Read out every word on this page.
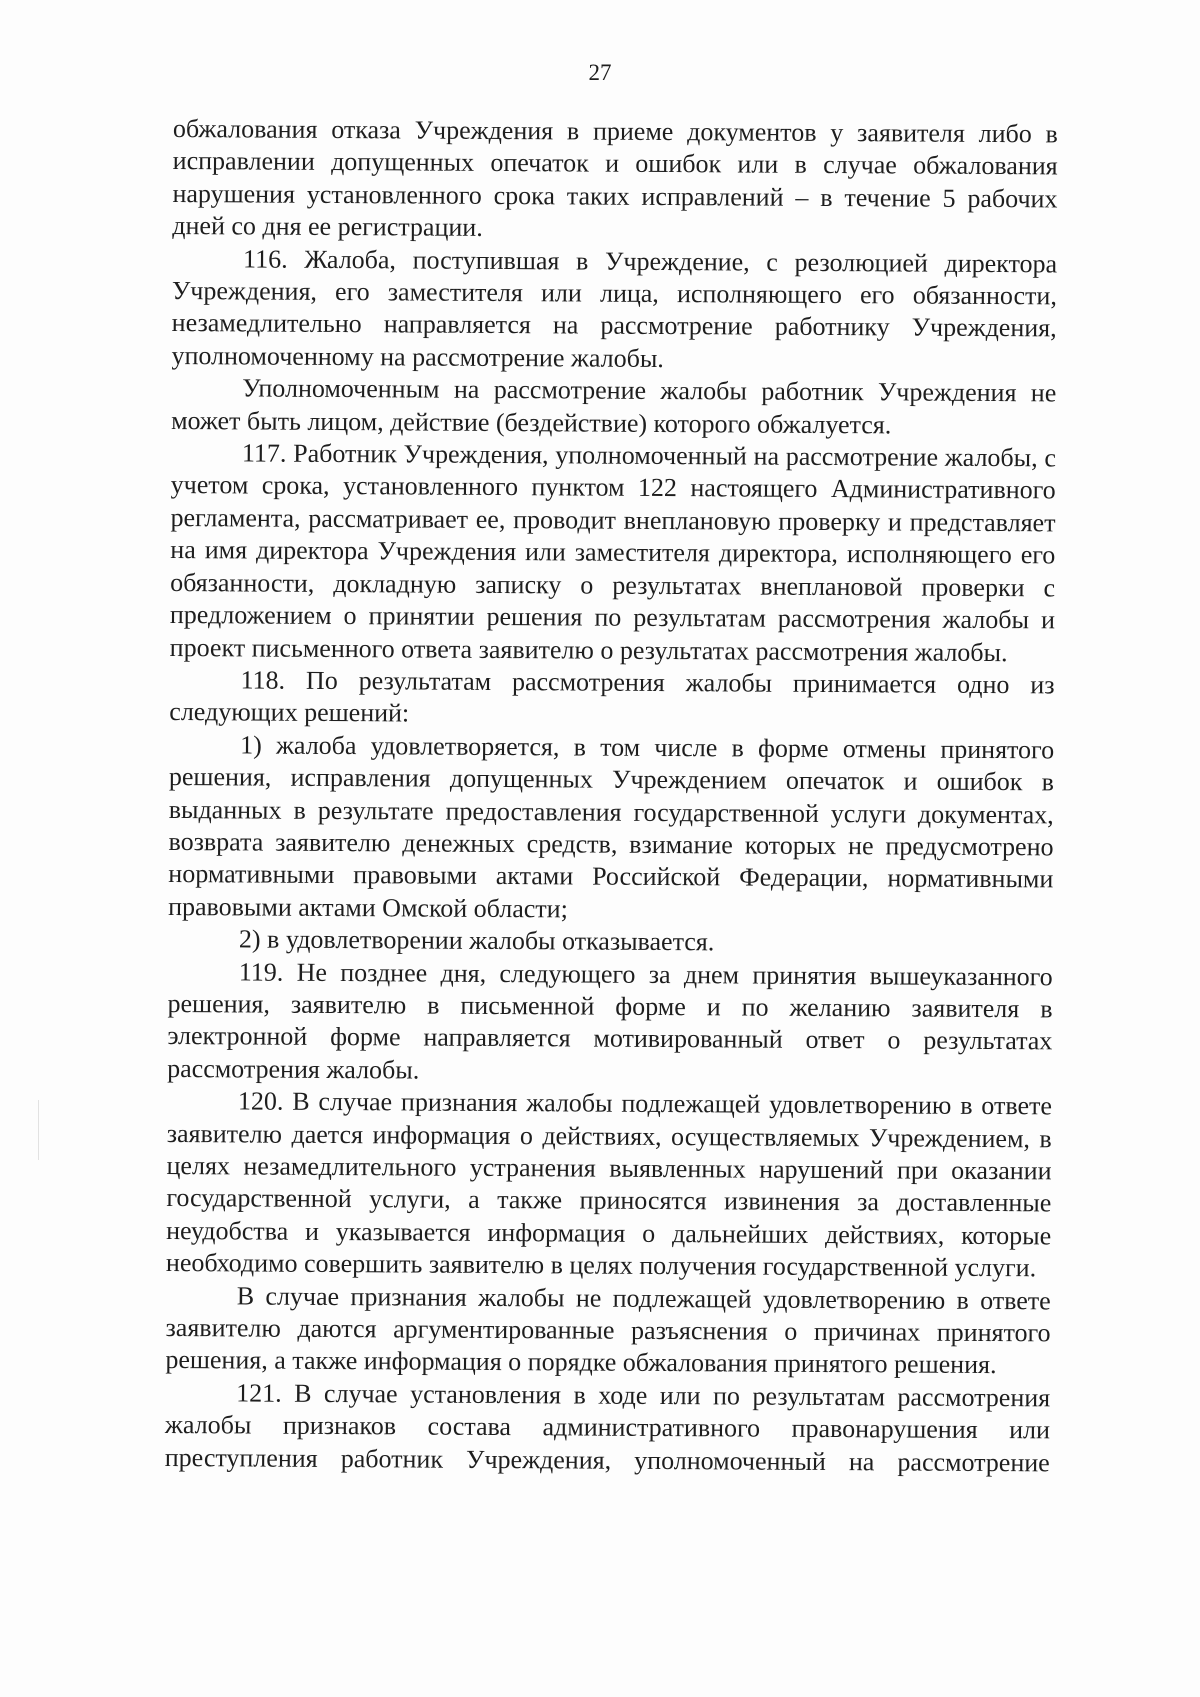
27

обжалования отказа Учреждения в приеме документов у заявителя либо в исправлении допущенных опечаток и ошибок или в случае обжалования нарушения установленного срока таких исправлений – в течение 5 рабочих дней со дня ее регистрации.

116. Жалоба, поступившая в Учреждение, с резолюцией директора Учреждения, его заместителя или лица, исполняющего его обязанности, незамедлительно направляется на рассмотрение работнику Учреждения, уполномоченному на рассмотрение жалобы.

Уполномоченным на рассмотрение жалобы работник Учреждения не может быть лицом, действие (бездействие) которого обжалуется.

117. Работник Учреждения, уполномоченный на рассмотрение жалобы, с учетом срока, установленного пунктом 122 настоящего Административного регламента, рассматривает ее, проводит внеплановую проверку и представляет на имя директора Учреждения или заместителя директора, исполняющего его обязанности, докладную записку о результатах внеплановой проверки с предложением о принятии решения по результатам рассмотрения жалобы и проект письменного ответа заявителю о результатах рассмотрения жалобы.

118. По результатам рассмотрения жалобы принимается одно из следующих решений:

1) жалоба удовлетворяется, в том числе в форме отмены принятого решения, исправления допущенных Учреждением опечаток и ошибок в выданных в результате предоставления государственной услуги документах, возврата заявителю денежных средств, взимание которых не предусмотрено нормативными правовыми актами Российской Федерации, нормативными правовыми актами Омской области;

2) в удовлетворении жалобы отказывается.

119. Не позднее дня, следующего за днем принятия вышеуказанного решения, заявителю в письменной форме и по желанию заявителя в электронной форме направляется мотивированный ответ о результатах рассмотрения жалобы.

120. В случае признания жалобы подлежащей удовлетворению в ответе заявителю дается информация о действиях, осуществляемых Учреждением, в целях незамедлительного устранения выявленных нарушений при оказании государственной услуги, а также приносятся извинения за доставленные неудобства и указывается информация о дальнейших действиях, которые необходимо совершить заявителю в целях получения государственной услуги.

В случае признания жалобы не подлежащей удовлетворению в ответе заявителю даются аргументированные разъяснения о причинах принятого решения, а также информация о порядке обжалования принятого решения.

121. В случае установления в ходе или по результатам рассмотрения жалобы признаков состава административного правонарушения или преступления работник Учреждения, уполномоченный на рассмотрение
